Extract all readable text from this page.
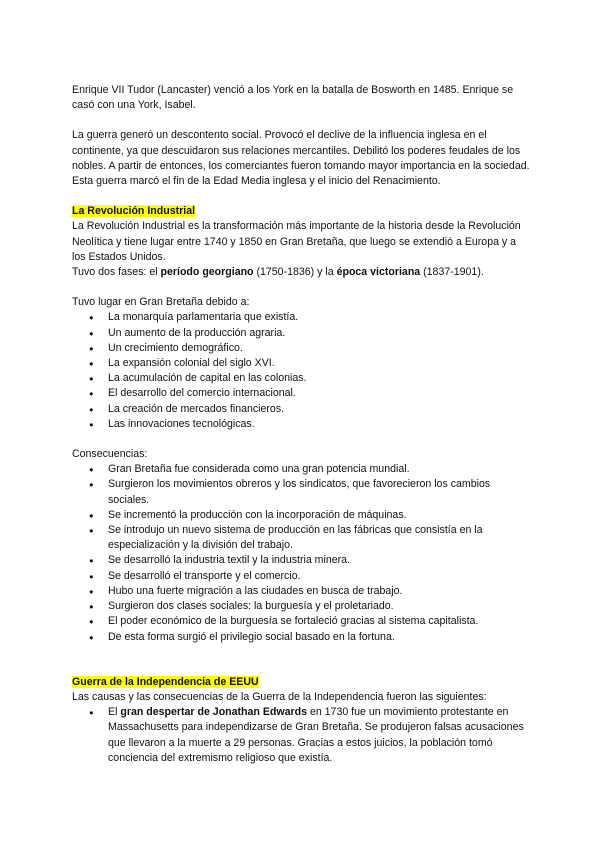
Enrique VII Tudor (Lancaster) venció a los York en la batalla de Bosworth en 1485. Enrique se casó con una York, Isabel.

La guerra generó un descontento social. Provocó el declive de la influencia inglesa en el continente, ya que descuidaron sus relaciones mercantiles. Debilitó los poderes feudales de los nobles. A partir de entonces, los comerciantes fueron tomando mayor importancia en la sociedad. Esta guerra marcó el fin de la Edad Media inglesa y el inicio del Renacimiento.

La Revolución Industrial

La Revolución Industrial es la transformación más importante de la historia desde la Revolución Neolítica y tiene lugar entre 1740 y 1850 en Gran Bretaña, que luego se extendió a Europa y a los Estados Unidos.

Tuvo dos fases: el período georgiano (1750-1836) y la época victoriana (1837-1901).

Tuvo lugar en Gran Bretaña debido a:

● La monarquía parlamentaria que existía.
● Un aumento de la producción agraria.
● Un crecimiento demográfico.
● La expansión colonial del siglo XVI.
● La acumulación de capital en las colonias.
● El desarrollo del comercio internacional.
● La creación de mercados financieros.
● Las innovaciones tecnológicas.

Consecuencias:

● Gran Bretaña fue considerada como una gran potencia mundial.
● Surgieron los movimientos obreros y los sindicatos, que favorecieron los cambios sociales.
● Se incrementó la producción con la incorporación de máquinas.
● Se introdujo un nuevo sistema de producción en las fábricas que consistía en la especialización y la división del trabajo.
● Se desarrolló la industria textil y la industria minera.
● Se desarrolló el transporte y el comercio.
● Hubo una fuerte migración a las ciudades en busca de trabajo.
● Surgieron dos clases sociales: la burguesía y el proletariado.
● El poder económico de la burguesía se fortaleció gracias al sistema capitalista.
● De esta forma surgió el privilegio social basado en la fortuna.

Guerra de la Independencia de EEUU

Las causas y las consecuencias de la Guerra de la Independencia fueron las siguientes:

● El gran despertar de Jonathan Edwards en 1730 fue un movimiento protestante en Massachusetts para independizarse de Gran Bretaña. Se produjeron falsas acusaciones que llevaron a la muerte a 29 personas. Gracias a estos juicios, la población tomó conciencia del extremismo religioso que existía.
